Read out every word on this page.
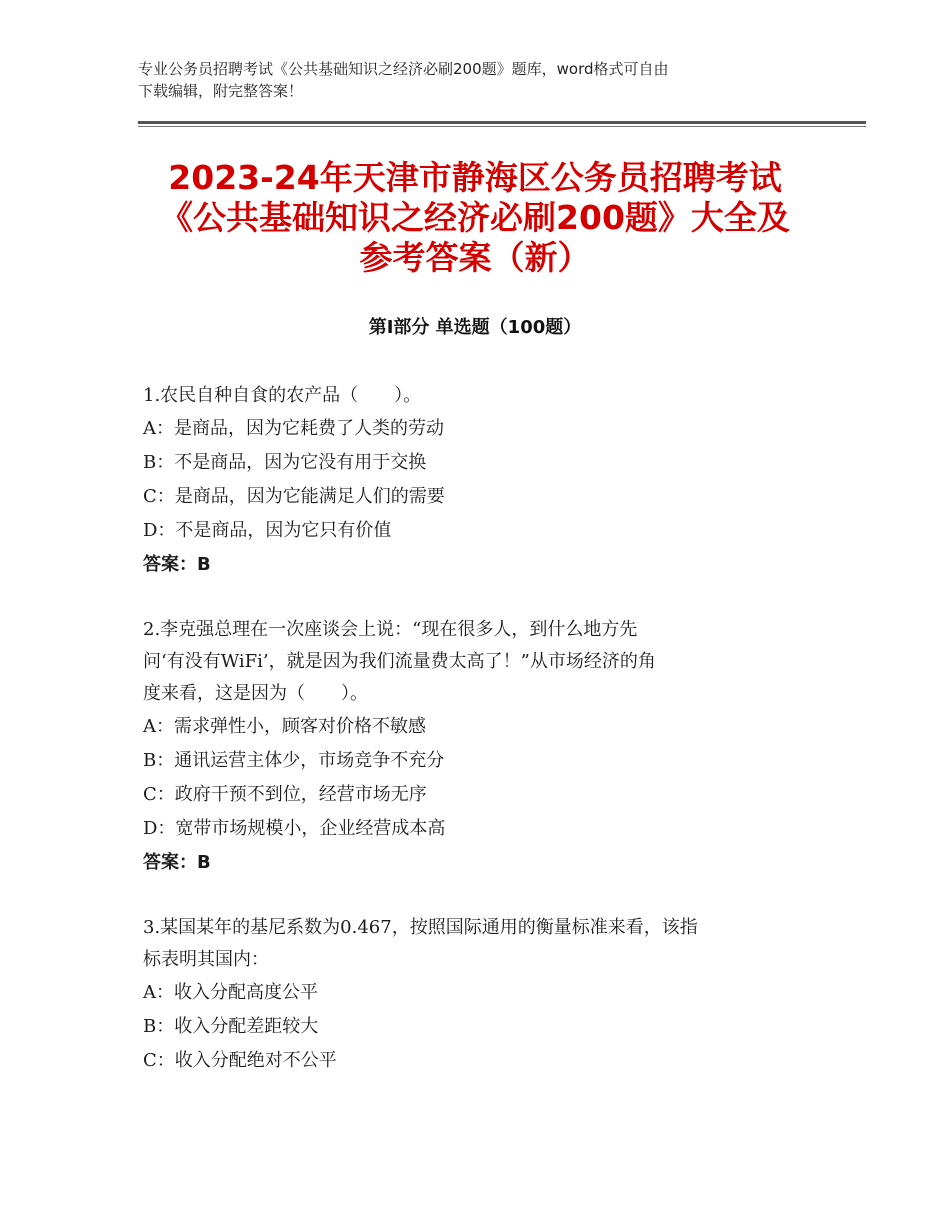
专业公务员招聘考试《公共基础知识之经济必刷200题》题库，word格式可自由
下载编辑，附完整答案！
2023-24年天津市静海区公务员招聘考试
《公共基础知识之经济必刷200题》大全及
参考答案（新）
第Ⅰ部分 单选题（100题）
1.农民自种自食的农产品（　　）。
A：是商品，因为它耗费了人类的劳动
B：不是商品，因为它没有用于交换
C：是商品，因为它能满足人们的需要
D：不是商品，因为它只有价值
答案：B
2.李克强总理在一次座谈会上说：“现在很多人，到什么地方先
问‘有没有WiFi’，就是因为我们流量费太高了！”从市场经济的角
度来看，这是因为（　　）。
A：需求弹性小，顾客对价格不敏感
B：通讯运营主体少，市场竞争不充分
C：政府干预不到位，经营市场无序
D：宽带市场规模小，企业经营成本高
答案：B
3.某国某年的基尼系数为0.467，按照国际通用的衡量标准来看，该指
标表明其国内：
A：收入分配高度公平
B：收入分配差距较大
C：收入分配绝对不公平
